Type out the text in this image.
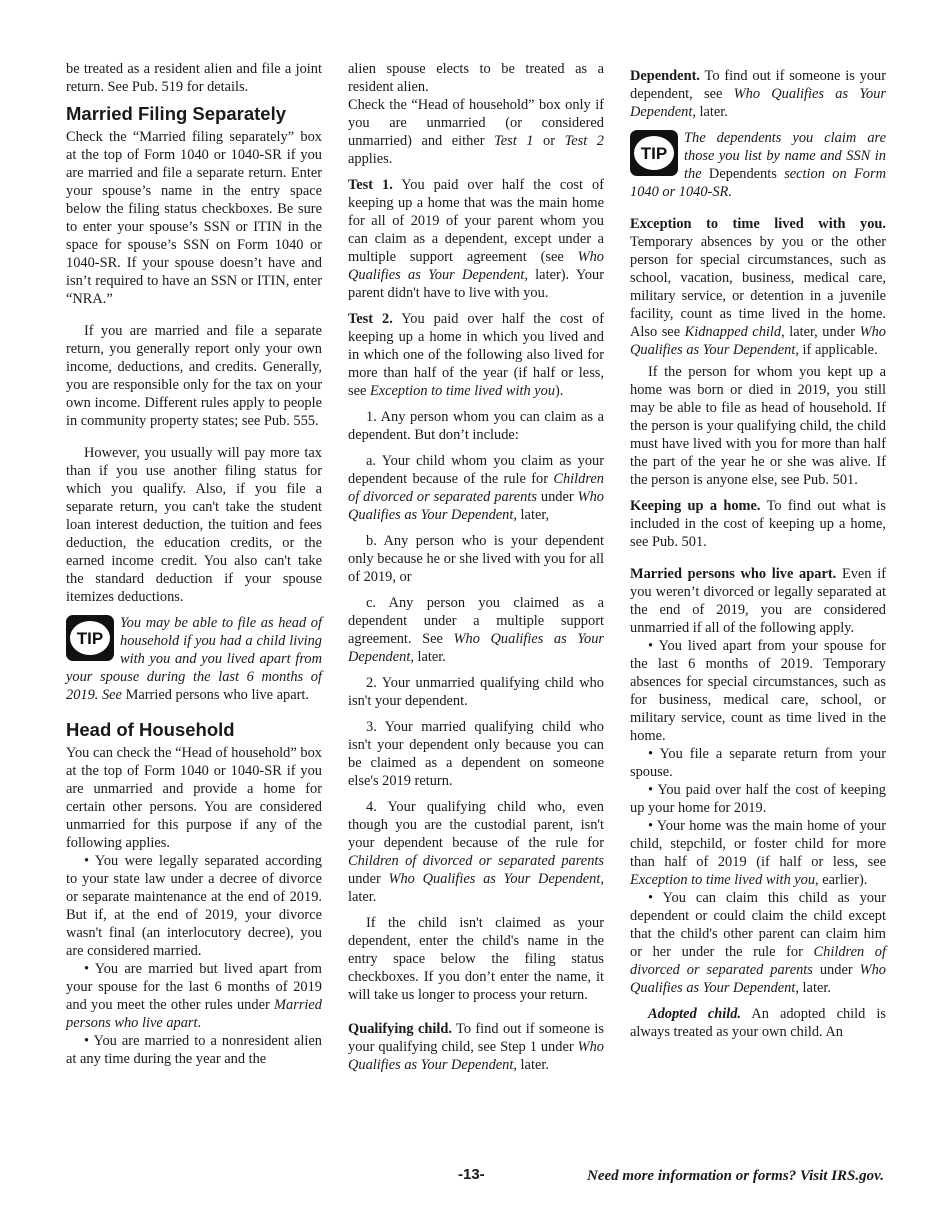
be treated as a resident alien and file a joint return. See Pub. 519 for details.

Married Filing Separately

Check the “Married filing separately” box at the top of Form 1040 or 1040-SR if you are married and file a separate return. Enter your spouse’s name in the entry space below the filing status checkboxes. Be sure to enter your spouse’s SSN or ITIN in the space for spouse’s SSN on Form 1040 or 1040-SR. If your spouse doesn’t have and isn’t required to have an SSN or ITIN, enter “NRA.”

If you are married and file a separate return, you generally report only your own income, deductions, and credits. Generally, you are responsible only for the tax on your own income. Different rules apply to people in community property states; see Pub. 555.

However, you usually will pay more tax than if you use another filing status for which you qualify. Also, if you file a separate return, you can't take the student loan interest deduction, the tuition and fees deduction, the education credits, or the earned income credit. You also can't take the standard deduction if your spouse itemizes deductions.

TIP

You may be able to file as head of household if you had a child living with you and you lived apart from your spouse during the last 6 months of 2019. See Married persons who live apart.

Head of Household

You can check the “Head of household” box at the top of Form 1040 or 1040-SR if you are unmarried and provide a home for certain other persons. You are considered unmarried for this purpose if any of the following applies.

• You were legally separated according to your state law under a decree of divorce or separate maintenance at the end of 2019. But if, at the end of 2019, your divorce wasn't final (an interlocutory decree), you are considered married.

• You are married but lived apart from your spouse for the last 6 months of 2019 and you meet the other rules under Married persons who live apart.

• You are married to a nonresident alien at any time during the year and the

alien spouse elects to be treated as a resident alien.

Check the “Head of household” box only if you are unmarried (or considered unmarried) and either Test 1 or Test 2 applies.

Test 1. You paid over half the cost of keeping up a home that was the main home for all of 2019 of your parent whom you can claim as a dependent, except under a multiple support agreement (see Who Qualifies as Your Dependent, later). Your parent didn't have to live with you.

Test 2. You paid over half the cost of keeping up a home in which you lived and in which one of the following also lived for more than half of the year (if half or less, see Exception to time lived with you).

1. Any person whom you can claim as a dependent. But don’t include:

a. Your child whom you claim as your dependent because of the rule for Children of divorced or separated parents under Who Qualifies as Your Dependent, later,

b. Any person who is your dependent only because he or she lived with you for all of 2019, or

c. Any person you claimed as a dependent under a multiple support agreement. See Who Qualifies as Your Dependent, later.

2. Your unmarried qualifying child who isn't your dependent.

3. Your married qualifying child who isn't your dependent only because you can be claimed as a dependent on someone else's 2019 return.

4. Your qualifying child who, even though you are the custodial parent, isn't your dependent because of the rule for Children of divorced or separated parents under Who Qualifies as Your Dependent, later.

If the child isn't claimed as your dependent, enter the child's name in the entry space below the filing status checkboxes. If you don’t enter the name, it will take us longer to process your return.

Qualifying child. To find out if someone is your qualifying child, see Step 1 under Who Qualifies as Your Dependent, later.

Dependent. To find out if someone is your dependent, see Who Qualifies as Your Dependent, later.

TIP

The dependents you claim are those you list by name and SSN in the Dependents section on Form 1040 or 1040-SR.

Exception to time lived with you. Temporary absences by you or the other person for special circumstances, such as school, vacation, business, medical care, military service, or detention in a juvenile facility, count as time lived in the home. Also see Kidnapped child, later, under Who Qualifies as Your Dependent, if applicable.

If the person for whom you kept up a home was born or died in 2019, you still may be able to file as head of household. If the person is your qualifying child, the child must have lived with you for more than half the part of the year he or she was alive. If the person is anyone else, see Pub. 501.

Keeping up a home. To find out what is included in the cost of keeping up a home, see Pub. 501.

Married persons who live apart. Even if you weren’t divorced or legally separated at the end of 2019, you are considered unmarried if all of the following apply.

• You lived apart from your spouse for the last 6 months of 2019. Temporary absences for special circumstances, such as for business, medical care, school, or military service, count as time lived in the home.

• You file a separate return from your spouse.

• You paid over half the cost of keeping up your home for 2019.

• Your home was the main home of your child, stepchild, or foster child for more than half of 2019 (if half or less, see Exception to time lived with you, earlier).

• You can claim this child as your dependent or could claim the child except that the child's other parent can claim him or her under the rule for Children of divorced or separated parents under Who Qualifies as Your Dependent, later.

Adopted child. An adopted child is always treated as your own child. An

-13-	Need more information or forms? Visit IRS.gov.
